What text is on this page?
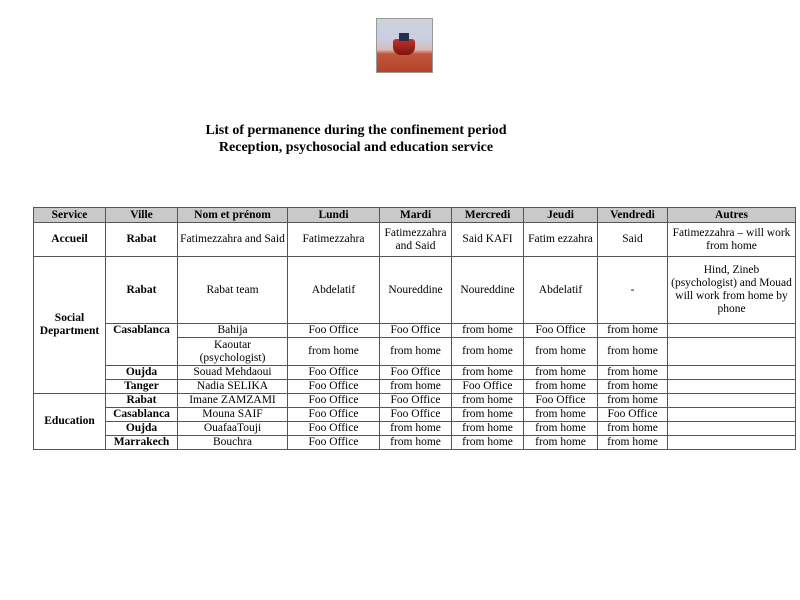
List of permanence during the confinement period
Reception, psychosocial and education service
Service	Ville	Nom et prénom	Lundi	Mardi	Mercredi	Jeudi	Vendredi	Autres
Accueil	Rabat	Fatimezzahra and Said	Fatimezzahra	Fatimezzahra and Said	Said KAFI	Fatim ezzahra	Said	Fatimezzahra – will work from home
Social Department	Rabat	Rabat team	Abdelatif	Noureddine	Noureddine	Abdelatif	-	Hind, Zineb (psychologist) and Mouad will work from home by phone
	Casablanca	Bahija	Foo Office	Foo Office	from home	Foo Office	from home	
		Kaoutar (psychologist)	from home	from home	from home	from home	from home	
	Oujda	Souad Mehdaoui	Foo Office	Foo Office	from home	from home	from home	
	Tanger	Nadia SELIKA	Foo Office	from home	Foo Office	from home	from home	
Education	Rabat	Imane ZAMZAMI	Foo Office	Foo Office	from home	Foo Office	from home	
	Casablanca	Mouna SAIF	Foo Office	Foo Office	from home	from home	Foo Office	
	Oujda	OuafaaTouji	Foo Office	from home	from home	from home	from home	
	Marrakech	Bouchra	Foo Office	from home	from home	from home	from home	
